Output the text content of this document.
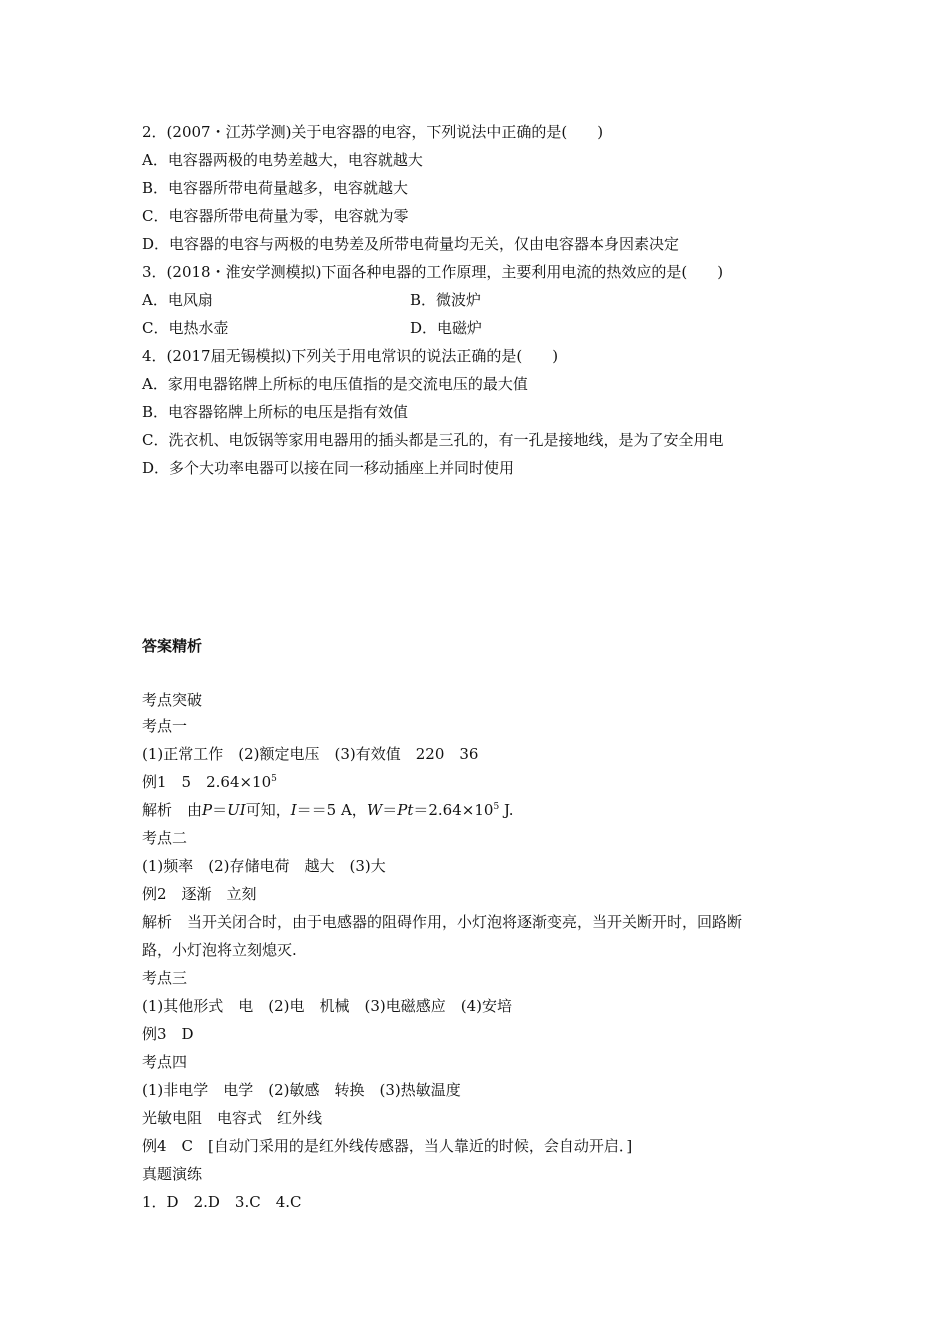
2．(2007・江苏学测)关于电容器的电容，下列说法中正确的是(　　)
A．电容器两极的电势差越大，电容就越大
B．电容器所带电荷量越多，电容就越大
C．电容器所带电荷量为零，电容就为零
D．电容器的电容与两极的电势差及所带电荷量均无关，仅由电容器本身因素决定
3．(2018・淮安学测模拟)下面各种电器的工作原理，主要利用电流的热效应的是(　　)
A．电风扇	B．微波炉
C．电热水壶	D．电磁炉
4．(2017届无锡模拟)下列关于用电常识的说法正确的是(　　)
A．家用电器铭牌上所标的电压值指的是交流电压的最大值
B．电容器铭牌上所标的电压是指有效值
C．洗衣机、电饭锅等家用电器用的插头都是三孔的，有一孔是接地线，是为了安全用电
D．多个大功率电器可以接在同一移动插座上并同时使用
答案精析
考点突破
考点一
(1)正常工作　(2)额定电压　(3)有效值　220　36
例1　5　$2.64\times 10^5$
解析　由P＝UI可知，I＝＝5 A，$W=Pt=2.64\times 10^5$ J.
考点二
(1)频率　(2)存储电荷　越大　(3)大
例2　逐渐　立刻
解析　当开关闭合时，由于电感器的阻碍作用，小灯泡将逐渐变亮，当开关断开时，回路断
路，小灯泡将立刻熄灭.
考点三
(1)其他形式　电　(2)电　机械　(3)电磁感应　(4)安培
例3　D
考点四
(1)非电学　电学　(2)敏感　转换　(3)热敏温度
光敏电阻　电容式　红外线
例4　C　[自动门采用的是红外线传感器，当人靠近的时候，会自动开启．]
真题演练
1．D　2.D　3.C　4.C
